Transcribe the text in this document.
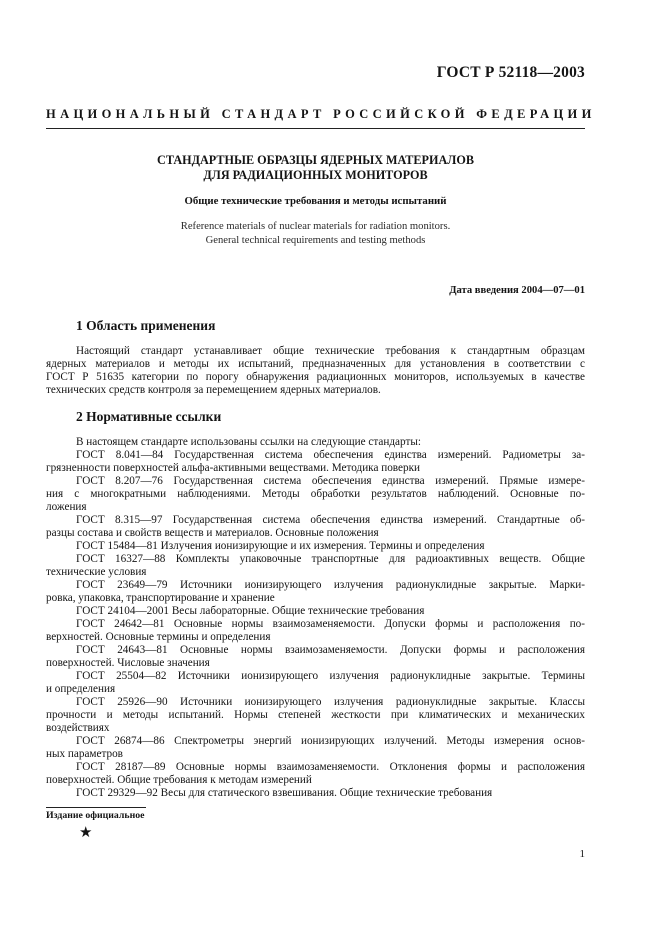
ГОСТ Р 52118—2003
НАЦИОНАЛЬНЫЙ СТАНДАРТ РОССИЙСКОЙ ФЕДЕРАЦИИ
СТАНДАРТНЫЕ ОБРАЗЦЫ ЯДЕРНЫХ МАТЕРИАЛОВ
ДЛЯ РАДИАЦИОННЫХ МОНИТОРОВ
Общие технические требования и методы испытаний
Reference materials of nuclear materials for radiation monitors.
General technical requirements and testing methods
Дата введения 2004—07—01
1 Область применения
Настоящий стандарт устанавливает общие технические требования к стандартным образцам
ядерных материалов и методы их испытаний, предназначенных для установления в соответствии с
ГОСТ Р 51635 категории по порогу обнаружения радиационных мониторов, используемых в качестве
технических средств контроля за перемещением ядерных материалов.
2 Нормативные ссылки
В настоящем стандарте использованы ссылки на следующие стандарты:
ГОСТ 8.041—84 Государственная система обеспечения единства измерений. Радиометры за-
грязненности поверхностей альфа-активными веществами. Методика поверки
ГОСТ 8.207—76 Государственная система обеспечения единства измерений. Прямые измере-
ния с многократными наблюдениями. Методы обработки результатов наблюдений. Основные по-
ложения
ГОСТ 8.315—97 Государственная система обеспечения единства измерений. Стандартные об-
разцы состава и свойств веществ и материалов. Основные положения
ГОСТ 15484—81 Излучения ионизирующие и их измерения. Термины и определения
ГОСТ 16327—88 Комплекты упаковочные транспортные для радиоактивных веществ. Общие
технические условия
ГОСТ 23649—79 Источники ионизирующего излучения радионуклидные закрытые. Марки-
ровка, упаковка, транспортирование и хранение
ГОСТ 24104—2001 Весы лабораторные. Общие технические требования
ГОСТ 24642—81 Основные нормы взаимозаменяемости. Допуски формы и расположения по-
верхностей. Основные термины и определения
ГОСТ 24643—81 Основные нормы взаимозаменяемости. Допуски формы и расположения
поверхностей. Числовые значения
ГОСТ 25504—82 Источники ионизирующего излучения радионуклидные закрытые. Термины
и определения
ГОСТ 25926—90 Источники ионизирующего излучения радионуклидные закрытые. Классы
прочности и методы испытаний. Нормы степеней жесткости при климатических и механических
воздействиях
ГОСТ 26874—86 Спектрометры энергий ионизирующих излучений. Методы измерения основ-
ных параметров
ГОСТ 28187—89 Основные нормы взаимозаменяемости. Отклонения формы и расположения
поверхностей. Общие требования к методам измерений
ГОСТ 29329—92 Весы для статического взвешивания. Общие технические требования
Издание официальное
★
1
